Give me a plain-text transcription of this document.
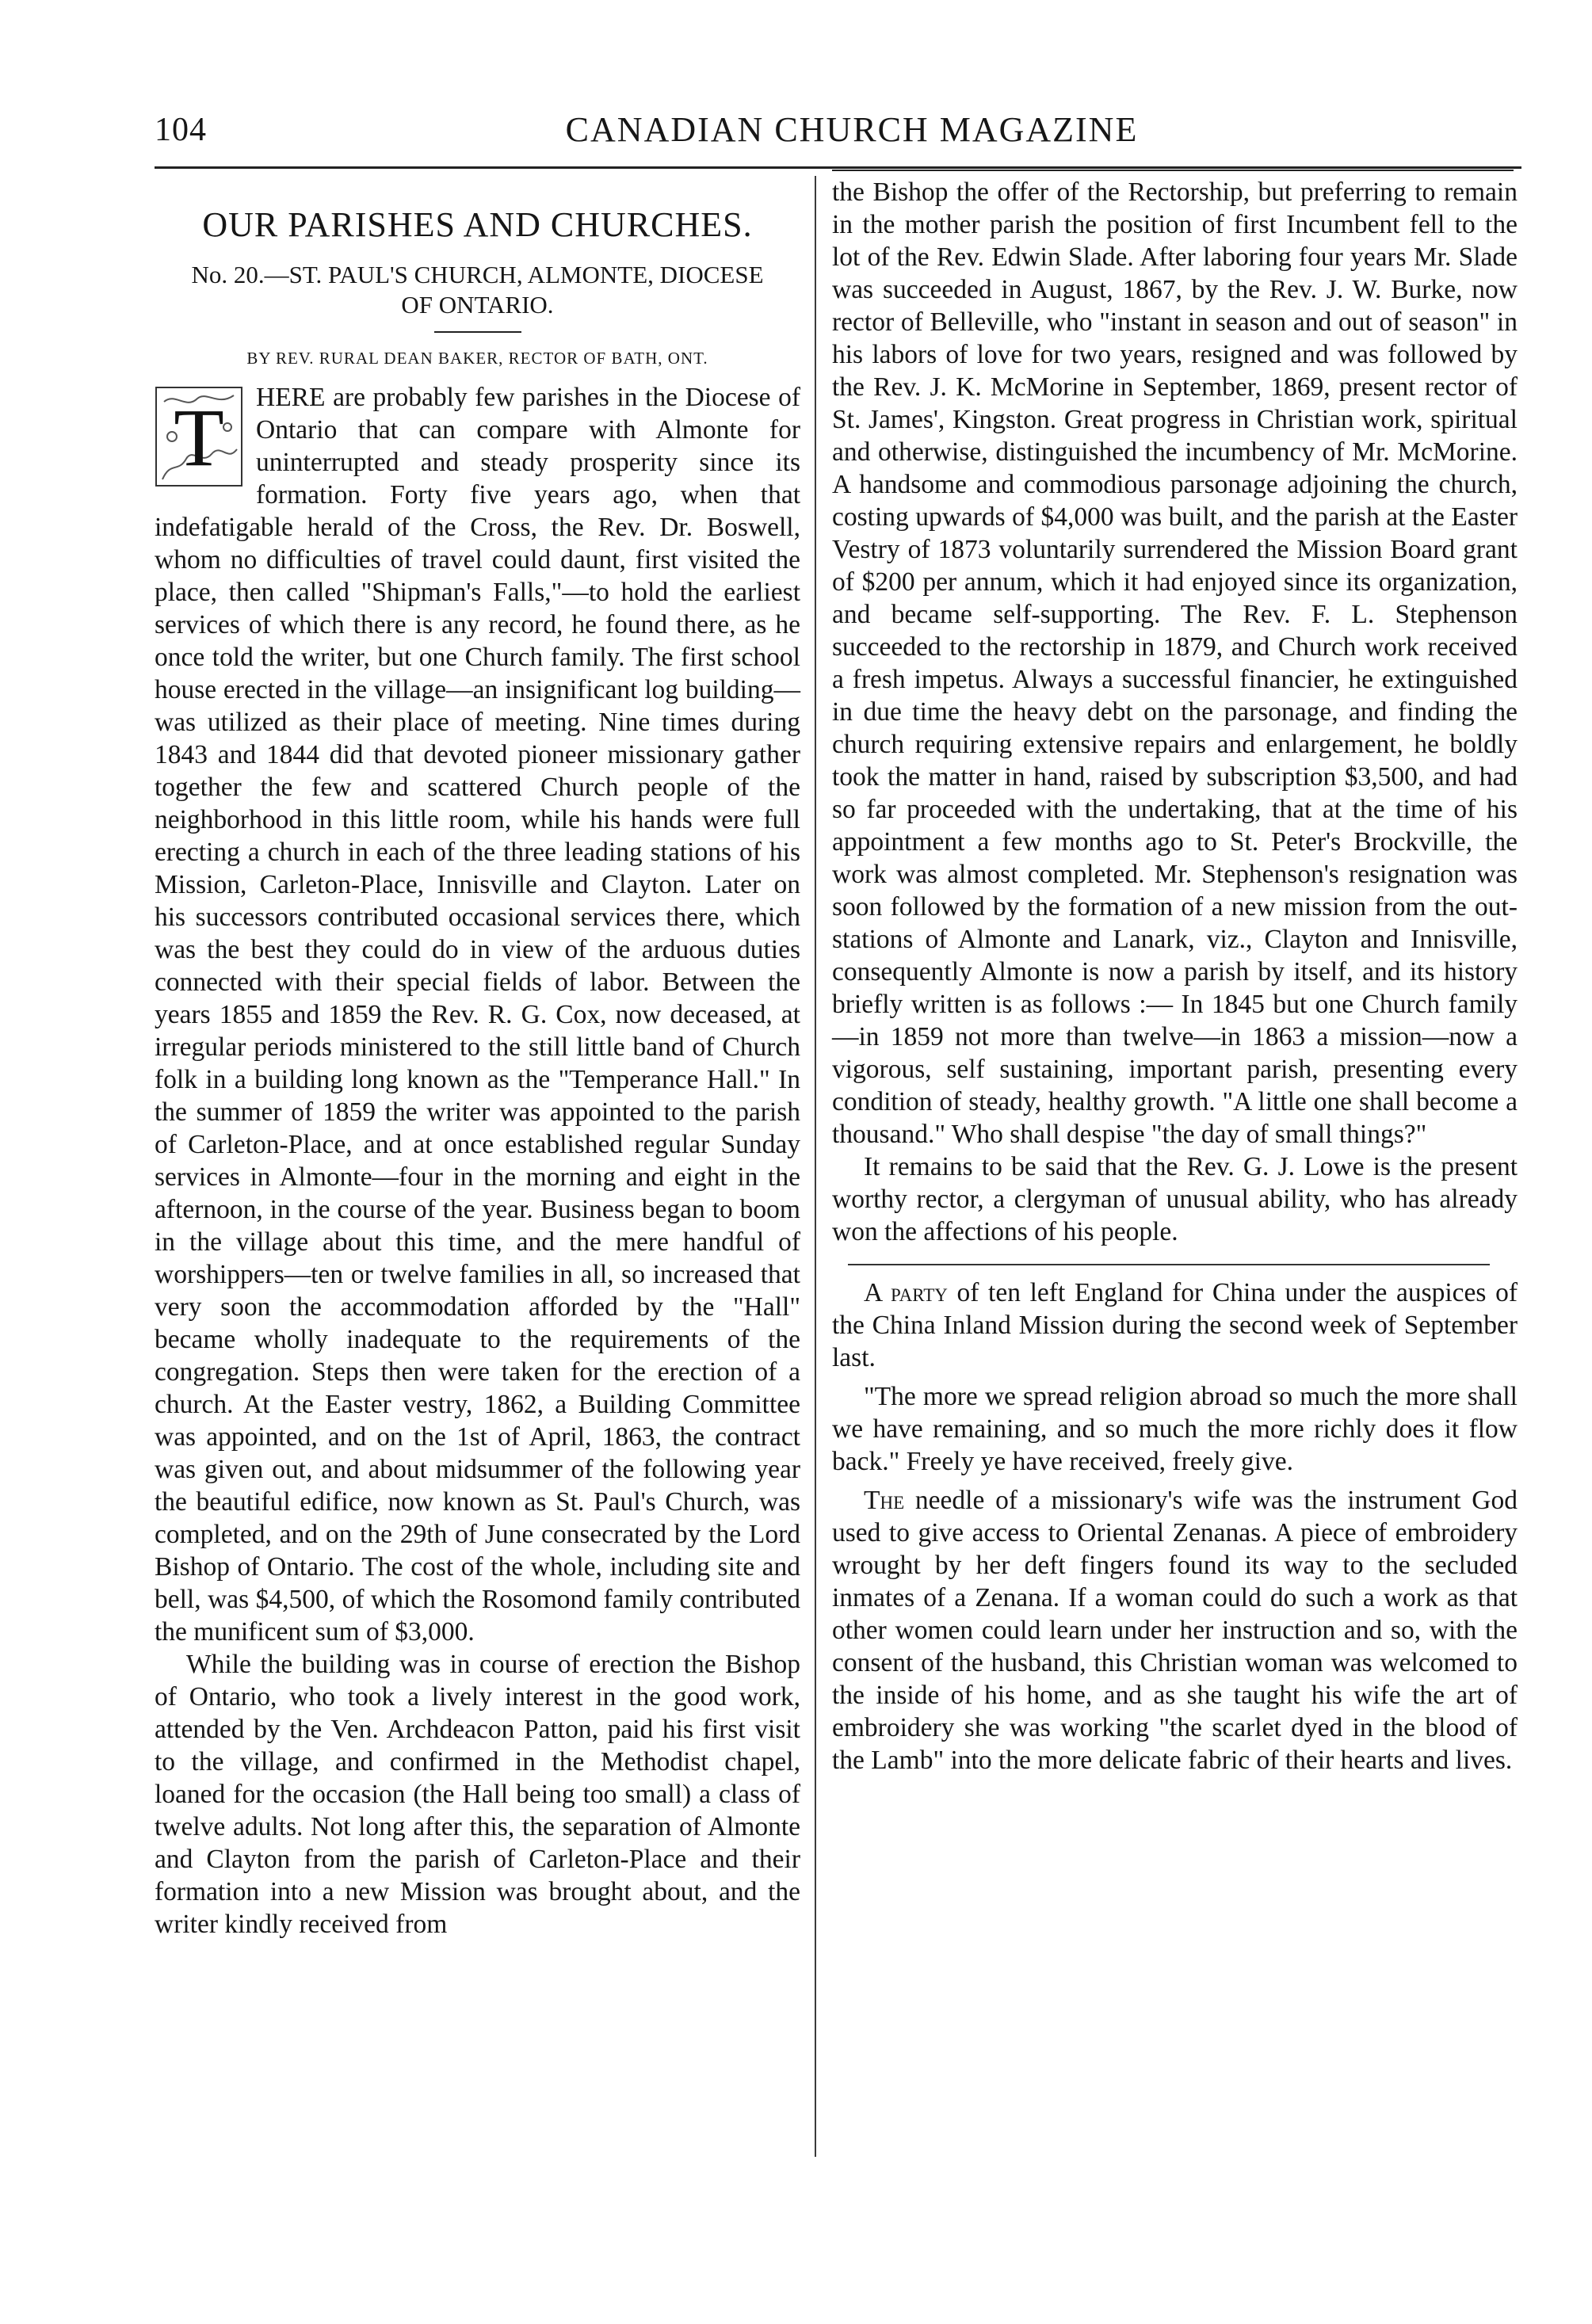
104	CANADIAN CHURCH MAGAZINE
OUR PARISHES AND CHURCHES.
No. 20.—ST. PAUL'S CHURCH, ALMONTE, DIOCESE OF ONTARIO.
BY REV. RURAL DEAN BAKER, RECTOR OF BATH, ONT.

T HERE are probably few parishes in the Diocese of Ontario that can compare with Almonte for uninterrupted and steady prosperity since its formation. Forty five years ago, when that indefatigable herald of the Cross, the Rev. Dr. Boswell, whom no difficulties of travel could daunt, first visited the place, then called "Shipman's Falls,"—to hold the earliest services of which there is any record, he found there, as he once told the writer, but one Church family. The first school house erected in the village—an insignificant log building—was utilized as their place of meeting. Nine times during 1843 and 1844 did that devoted pioneer missionary gather together the few and scattered Church people of the neighborhood in this little room, while his hands were full erecting a church in each of the three leading stations of his Mission, Carleton-Place, Innisville and Clayton. Later on his successors contributed occasional services there, which was the best they could do in view of the arduous duties connected with their special fields of labor. Between the years 1855 and 1859 the Rev. R. G. Cox, now deceased, at irregular periods ministered to the still little band of Church folk in a building long known as the "Temperance Hall." In the summer of 1859 the writer was appointed to the parish of Carleton-Place, and at once established regular Sunday services in Almonte—four in the morning and eight in the afternoon, in the course of the year. Business began to boom in the village about this time, and the mere handful of worshippers—ten or twelve families in all, so increased that very soon the accommodation afforded by the "Hall" became wholly inadequate to the requirements of the congregation. Steps then were taken for the erection of a church. At the Easter vestry, 1862, a Building Committee was appointed, and on the 1st of April, 1863, the contract was given out, and about midsummer of the following year the beautiful edifice, now known as St. Paul's Church, was completed, and on the 29th of June consecrated by the Lord Bishop of Ontario. The cost of the whole, including site and bell, was $4,500, of which the Rosomond family contributed the munificent sum of $3,000.

While the building was in course of erection the Bishop of Ontario, who took a lively interest in the good work, attended by the Ven. Archdeacon Patton, paid his first visit to the village, and confirmed in the Methodist chapel, loaned for the occasion (the Hall being too small) a class of twelve adults. Not long after this, the separation of Almonte and Clayton from the parish of Carleton-Place and their formation into a new Mission was brought about, and the writer kindly received from

the Bishop the offer of the Rectorship, but preferring to remain in the mother parish the position of first Incumbent fell to the lot of the Rev. Edwin Slade. After laboring four years Mr. Slade was succeeded in August, 1867, by the Rev. J. W. Burke, now rector of Belleville, who "instant in season and out of season" in his labors of love for two years, resigned and was followed by the Rev. J. K. McMorine in September, 1869, present rector of St. James', Kingston. Great progress in Christian work, spiritual and otherwise, distinguished the incumbency of Mr. McMorine. A handsome and commodious parsonage adjoining the church, costing upwards of $4,000 was built, and the parish at the Easter Vestry of 1873 voluntarily surrendered the Mission Board grant of $200 per annum, which it had enjoyed since its organization, and became self-supporting. The Rev. F. L. Stephenson succeeded to the rectorship in 1879, and Church work received a fresh impetus. Always a successful financier, he extinguished in due time the heavy debt on the parsonage, and finding the church requiring extensive repairs and enlargement, he boldly took the matter in hand, raised by subscription $3,500, and had so far proceeded with the undertaking, that at the time of his appointment a few months ago to St. Peter's Brockville, the work was almost completed. Mr. Stephenson's resignation was soon followed by the formation of a new mission from the out-stations of Almonte and Lanark, viz., Clayton and Innisville, consequently Almonte is now a parish by itself, and its history briefly written is as follows :— In 1845 but one Church family—in 1859 not more than twelve—in 1863 a mission—now a vigorous, self sustaining, important parish, presenting every condition of steady, healthy growth. "A little one shall become a thousand." Who shall despise "the day of small things?"

It remains to be said that the Rev. G. J. Lowe is the present worthy rector, a clergyman of unusual ability, who has already won the affections of his people.

A party of ten left England for China under the auspices of the China Inland Mission during the second week of September last.

"The more we spread religion abroad so much the more shall we have remaining, and so much the more richly does it flow back." Freely ye have received, freely give.

The needle of a missionary's wife was the instrument God used to give access to Oriental Zenanas. A piece of embroidery wrought by her deft fingers found its way to the secluded inmates of a Zenana. If a woman could do such a work as that other women could learn under her instruction and so, with the consent of the husband, this Christian woman was welcomed to the inside of his home, and as she taught his wife the art of embroidery she was working "the scarlet dyed in the blood of the Lamb" into the more delicate fabric of their hearts and lives.
